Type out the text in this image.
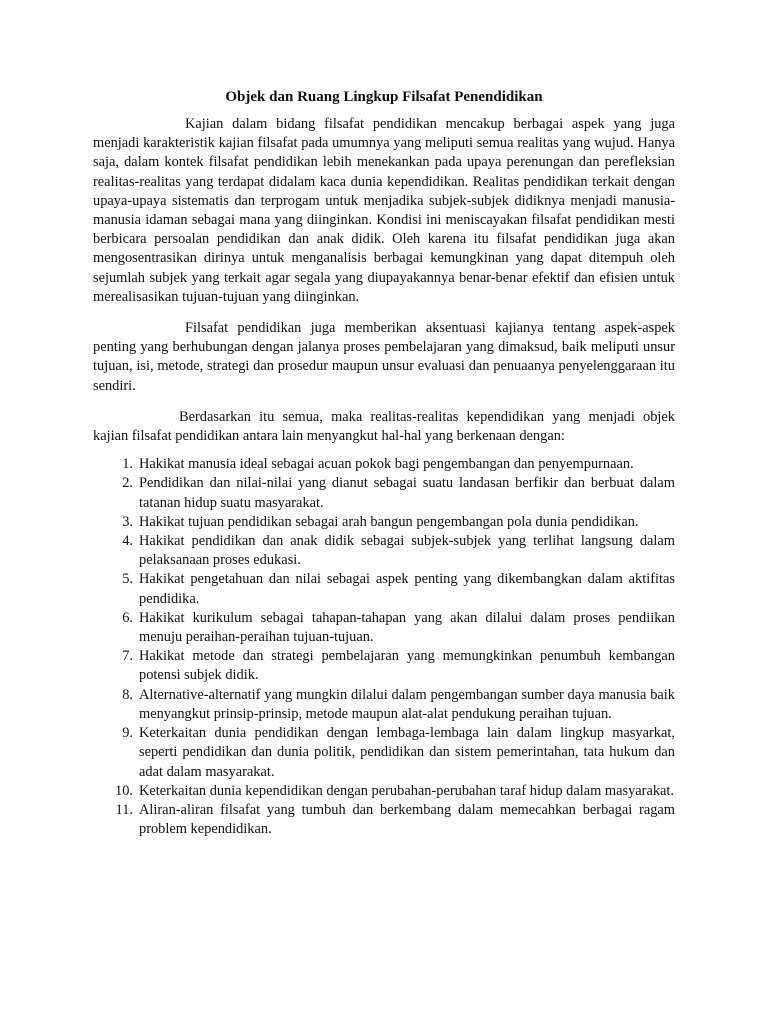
Objek dan Ruang Lingkup Filsafat Penendidikan

Kajian dalam bidang filsafat pendidikan mencakup berbagai aspek yang juga menjadi karakteristik kajian filsafat pada umumnya yang meliputi semua realitas yang wujud. Hanya saja, dalam kontek filsafat pendidikan lebih menekankan pada upaya perenungan dan perefleksian realitas-realitas yang terdapat didalam kaca dunia kependidikan. Realitas pendidikan terkait dengan upaya-upaya sistematis dan terprogam untuk menjadika subjek-subjek didiknya menjadi manusia-manusia idaman sebagai mana yang diinginkan. Kondisi ini meniscayakan filsafat pendidikan mesti berbicara persoalan pendidikan dan anak didik. Oleh karena itu filsafat pendidikan juga akan mengosentrasikan dirinya untuk menganalisis berbagai kemungkinan yang dapat ditempuh oleh sejumlah subjek yang terkait agar segala yang diupayakannya benar-benar efektif dan efisien untuk merealisasikan tujuan-tujuan yang diinginkan.

Filsafat pendidikan juga memberikan aksentuasi kajianya tentang aspek-aspek penting yang berhubungan dengan jalanya proses pembelajaran yang dimaksud, baik meliputi unsur tujuan, isi, metode, strategi dan prosedur maupun unsur evaluasi dan penuaanya penyelenggaraan itu sendiri.

Berdasarkan itu semua, maka realitas-realitas kependidikan yang menjadi objek kajian filsafat pendidikan antara lain menyangkut hal-hal yang berkenaan dengan:

1. Hakikat manusia ideal sebagai acuan pokok bagi pengembangan dan penyempurnaan.
2. Pendidikan dan nilai-nilai yang dianut sebagai suatu landasan berfikir dan berbuat dalam tatanan hidup suatu masyarakat.
3. Hakikat tujuan pendidikan sebagai arah bangun pengembangan pola dunia pendidikan.
4. Hakikat pendidikan dan anak didik sebagai subjek-subjek yang terlihat langsung dalam pelaksanaan proses edukasi.
5. Hakikat pengetahuan dan nilai sebagai aspek penting yang dikembangkan dalam aktifitas pendidika.
6. Hakikat kurikulum sebagai tahapan-tahapan yang akan dilalui dalam proses pendiikan menuju peraihan-peraihan tujuan-tujuan.
7. Hakikat metode dan strategi pembelajaran yang memungkinkan penumbuh kembangan potensi subjek didik.
8. Alternative-alternatif yang mungkin dilalui dalam pengembangan sumber daya manusia baik menyangkut prinsip-prinsip, metode maupun alat-alat pendukung peraihan tujuan.
9. Keterkaitan dunia pendidikan dengan lembaga-lembaga lain dalam lingkup masyarkat, seperti pendidikan dan dunia politik, pendidikan dan sistem pemerintahan, tata hukum dan adat dalam masyarakat.
10. Keterkaitan dunia kependidikan dengan perubahan-perubahan taraf hidup dalam masyarakat.
11. Aliran-aliran filsafat yang tumbuh dan berkembang dalam memecahkan berbagai ragam problem kependidikan.
